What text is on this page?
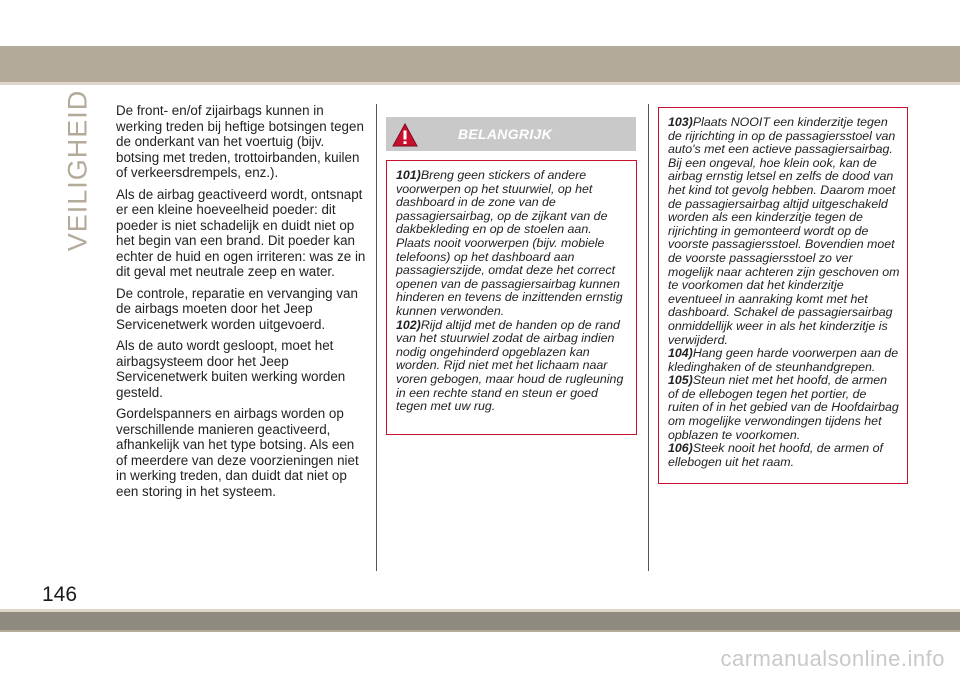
VEILIGHEID De front- en/of zijairbags kunnen in werking treden bij heftige botsingen tegen de onderkant van het voertuig (bijv. botsing met treden, trottoirbanden, kuilen of verkeersdrempels, enz.).

Als de airbag geactiveerd wordt, ontsnapt er een kleine hoeveelheid poeder: dit poeder is niet schadelijk en duidt niet op het begin van een brand. Dit poeder kan echter de huid en ogen irriteren: was ze in dit geval met neutrale zeep en water.

De controle, reparatie en vervanging van de airbags moeten door het Jeep Servicenetwerk worden uitgevoerd.

Als de auto wordt gesloopt, moet het airbagsysteem door het Jeep Servicenetwerk buiten werking worden gesteld.

Gordelspanners en airbags worden op verschillende manieren geactiveerd, afhankelijk van het type botsing. Als een of meerdere van deze voorzieningen niet in werking treden, dan duidt dat niet op een storing in het systeem.

BELANGRIJK

101)Breng geen stickers of andere voorwerpen op het stuurwiel, op het dashboard in de zone van de passagiersairbag, op de zijkant van de dakbekleding en op de stoelen aan. Plaats nooit voorwerpen (bijv. mobiele telefoons) op het dashboard aan passagierszijde, omdat deze het correct openen van de passagiersairbag kunnen hinderen en tevens de inzittenden ernstig kunnen verwonden.

102)Rijd altijd met de handen op de rand van het stuurwiel zodat de airbag indien nodig ongehinderd opgeblazen kan worden. Rijd niet met het lichaam naar voren gebogen, maar houd de rugleuning in een rechte stand en steun er goed tegen met uw rug.

103)Plaats NOOIT een kinderzitje tegen de rijrichting in op de passagiersstoel van auto's met een actieve passagiersairbag. Bij een ongeval, hoe klein ook, kan de airbag ernstig letsel en zelfs de dood van het kind tot gevolg hebben. Daarom moet de passagiersairbag altijd uitgeschakeld worden als een kinderzitje tegen de rijrichting in gemonteerd wordt op de voorste passagiersstoel. Bovendien moet de voorste passagiersstoel zo ver mogelijk naar achteren zijn geschoven om te voorkomen dat het kinderzitje eventueel in aanraking komt met het dashboard. Schakel de passagiersairbag onmiddellijk weer in als het kinderzitje is verwijderd.

104)Hang geen harde voorwerpen aan de kledinghaken of de steunhandgrepen.

105)Steun niet met het hoofd, de armen of de ellebogen tegen het portier, de ruiten of in het gebied van de Hoofdairbag om mogelijke verwondingen tijdens het opblazen te voorkomen.

106)Steek nooit het hoofd, de armen of ellebogen uit het raam.

146
carmanualsonline.info
